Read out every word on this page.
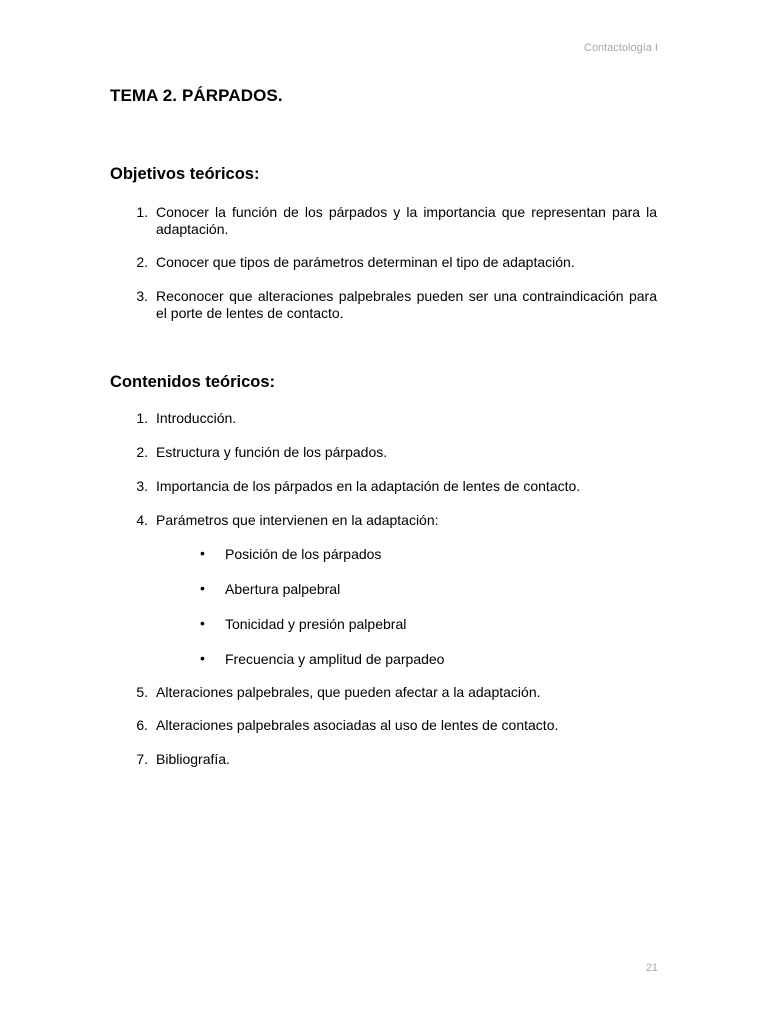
Contactología I
TEMA 2. PÁRPADOS.
Objetivos teóricos:
1. Conocer la función de los párpados y la importancia que representan para la adaptación.
2. Conocer que tipos de parámetros determinan el tipo de adaptación.
3. Reconocer que alteraciones palpebrales pueden ser una contraindicación para el porte de lentes de contacto.
Contenidos teóricos:
1. Introducción.
2. Estructura y función de los párpados.
3. Importancia de los párpados en la adaptación de lentes de contacto.
4. Parámetros que intervienen en la adaptación:
• Posición de los párpados
• Abertura palpebral
• Tonicidad y presión palpebral
• Frecuencia y amplitud de parpadeo
5. Alteraciones palpebrales, que pueden afectar a la adaptación.
6. Alteraciones palpebrales asociadas al uso de lentes de contacto.
7. Bibliografía.
21
